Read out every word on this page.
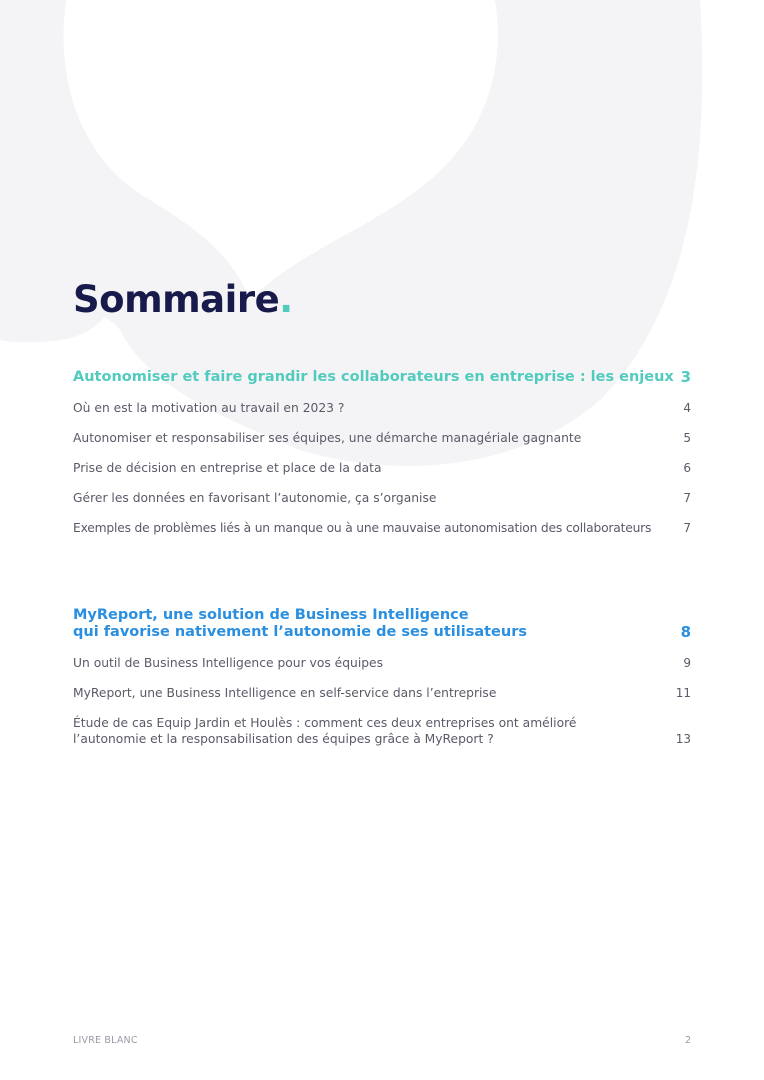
Sommaire.
Autonomiser et faire grandir les collaborateurs en entreprise : les enjeux 3
Où en est la motivation au travail en 2023 ?	4
Autonomiser et responsabiliser ses équipes, une démarche managériale gagnante	5
Prise de décision en entreprise et place de la data	6
Gérer les données en favorisant l’autonomie, ça s’organise	7
Exemples de problèmes liés à un manque ou à une mauvaise autonomisation des collaborateurs	7
MyReport, une solution de Business Intelligence
qui favorise nativement l’autonomie de ses utilisateurs	8
Un outil de Business Intelligence pour vos équipes	9
MyReport, une Business Intelligence en self-service dans l’entreprise	11
Étude de cas Equip Jardin et Houlès : comment ces deux entreprises ont amélioré
l’autonomie et la responsabilisation des équipes grâce à MyReport ?	13
LIVRE BLANC	2
